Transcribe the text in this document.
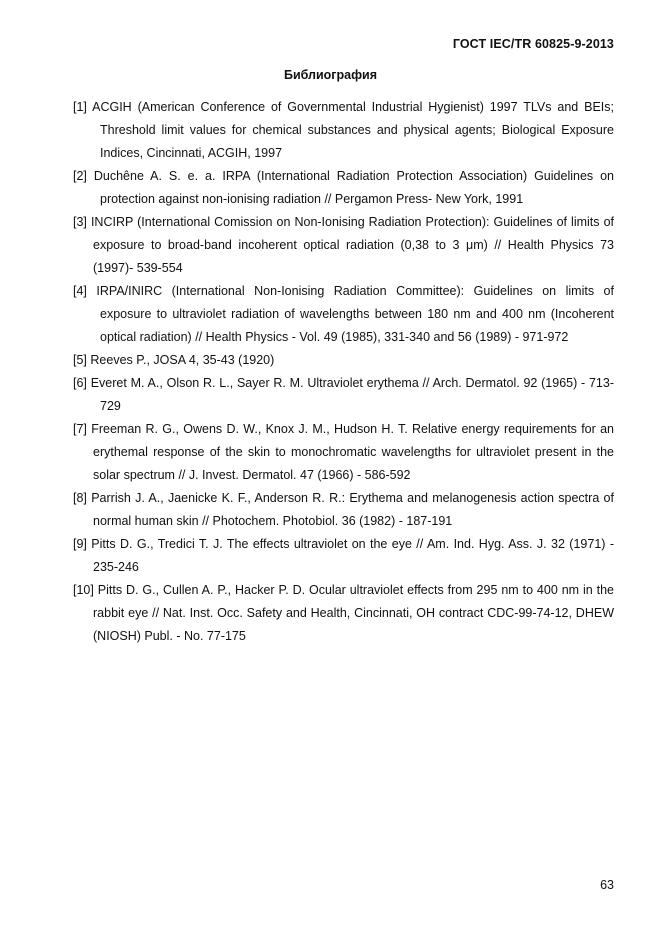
ГОСТ IEC/TR 60825-9-2013
Библиография

[1] ACGIH (American Conference of Governmental Industrial Hygienist) 1997 TLVs and BEIs; Threshold limit values for chemical substances and physical agents; Biological Exposure Indices, Cincinnati, ACGIH, 1997

[2] Duchêne A. S. e. a. IRPA (International Radiation Protection Association) Guidelines on protection against non-ionising radiation // Pergamon Press- New York, 1991

[3] INCIRP (International Comission on Non-Ionising Radiation Protection): Guidelines of limits of exposure to broad-band incoherent optical radiation (0,38 to 3 μm) // Health Physics 73 (1997)- 539-554

[4] IRPA/INIRC (International Non-Ionising Radiation Committee): Guidelines on limits of exposure to ultraviolet radiation of wavelengths between 180 nm and 400 nm (Incoherent optical radiation) // Health Physics - Vol. 49 (1985), 331-340 and 56 (1989) - 971-972

[5] Reeves P., JOSA 4, 35-43 (1920)

[6] Everet M. A., Olson R. L., Sayer R. M. Ultraviolet erythema // Arch. Dermatol. 92 (1965) - 713-729

[7] Freeman R. G., Owens D. W., Knox J. M., Hudson H. T. Relative energy requirements for an erythemal response of the skin to monochromatic wavelengths for ultraviolet present in the solar spectrum // J. Invest. Dermatol. 47 (1966) - 586-592

[8] Parrish J. A., Jaenicke K. F., Anderson R. R.: Erythema and melanogenesis action spectra of normal human skin // Photochem. Photobiol. 36 (1982) - 187-191

[9] Pitts D. G., Tredici T. J. The effects ultraviolet on the eye // Am. Ind. Hyg. Ass. J. 32 (1971) - 235-246

[10] Pitts D. G., Cullen A. P., Hacker P. D. Ocular ultraviolet effects from 295 nm to 400 nm in the rabbit eye // Nat. Inst. Occ. Safety and Health, Cincinnati, OH contract CDC-99-74-12, DHEW (NIOSH) Publ. - No. 77-175

63
